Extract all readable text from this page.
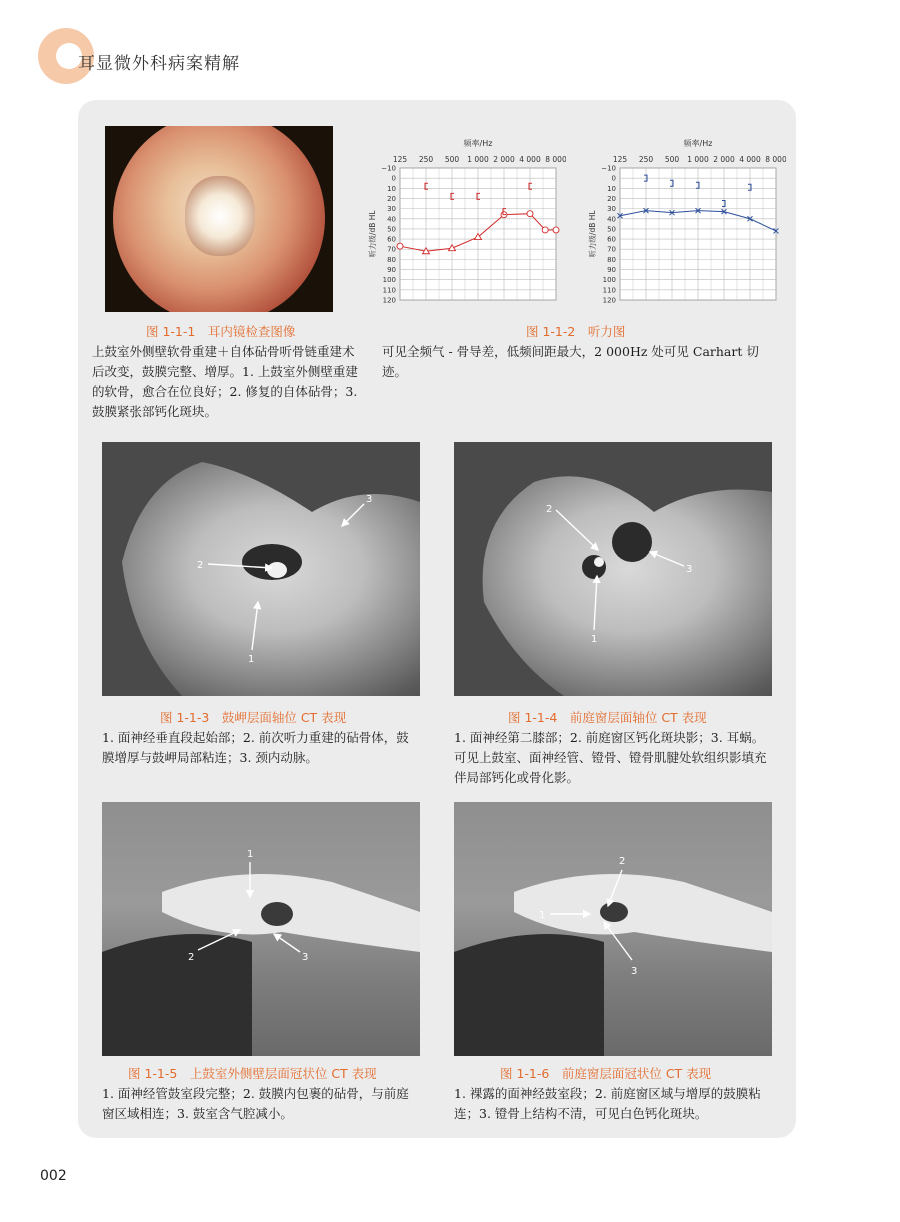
耳显微外科病案精解
图 1-1-1　耳内镜检查图像
上鼓室外侧壁软骨重建＋自体砧骨听骨链重建术后改变，鼓膜完整、增厚。1. 上鼓室外侧壁重建的软骨，愈合在位良好；2. 修复的自体砧骨；3. 鼓膜紧张部钙化斑块。
125 250 500 1 000 2 000 4 000 8 000
频率/Hz
−10
0
10
20
30
40
50
60
70
80
90
100
110
120
听力级/dB HL
125 250 500 1 000 2 000 4 000 8 000
频率/Hz
−10
0
10
20
30
40
50
60
70
80
90
100
110
120
听力级/dB HL
图 1-1-2　听力图
可见全频气 - 骨导差，低频间距最大，2 000Hz 处可见 Carhart 切迹。
1
2
3
图 1-1-3　鼓岬层面轴位 CT 表现
1. 面神经垂直段起始部；2. 前次听力重建的砧骨体，鼓膜增厚与鼓岬局部粘连；3. 颈内动脉。
1
2
3
图 1-1-4　前庭窗层面轴位 CT 表现
1. 面神经第二膝部；2. 前庭窗区钙化斑块影；3. 耳蜗。可见上鼓室、面神经管、镫骨、镫骨肌腱处软组织影填充伴局部钙化或骨化影。
1
2	3
图 1-1-5　上鼓室外侧壁层面冠状位 CT 表现
1. 面神经管鼓室段完整；2. 鼓膜内包裹的砧骨，与前庭窗区域相连；3. 鼓室含气腔减小。
1
2
3
图 1-1-6　前庭窗层面冠状位 CT 表现
1. 裸露的面神经鼓室段；2. 前庭窗区域与增厚的鼓膜粘连；3. 镫骨上结构不清，可见白色钙化斑块。
002
